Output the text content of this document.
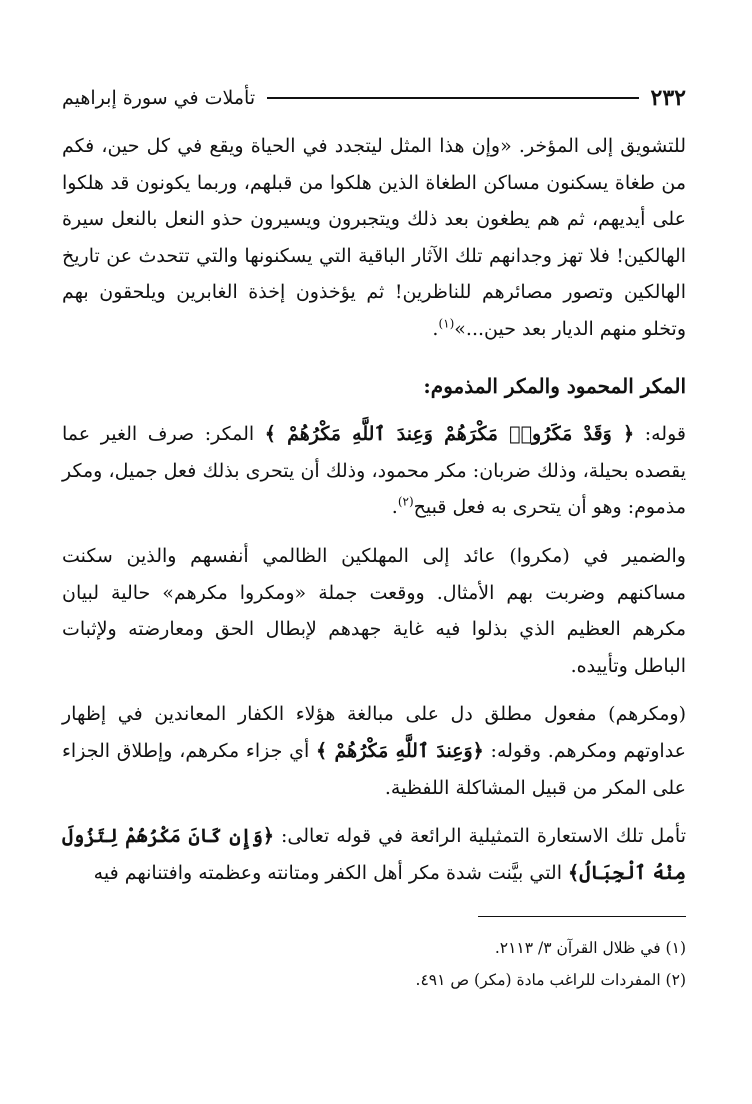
٢٣٢
تأملات في سورة إبراهيم

للتشويق إلى المؤخر. «وإن هذا المثل ليتجدد في الحياة ويقع في كل حين، فكم من طغاة يسكنون مساكن الطغاة الذين هلكوا من قبلهم، وربما يكونون قد هلكوا على أيديهم، ثم هم يطغون بعد ذلك ويتجبرون ويسيرون حذو النعل بالنعل سيرة الهالكين! فلا تهز وجدانهم تلك الآثار الباقية التي يسكنونها والتي تتحدث عن تاريخ الهالكين وتصور مصائرهم للناظرين! ثم يؤخذون إخذة الغابرين ويلحقون بهم وتخلو منهم الديار بعد حين...»$^{(١)}$.

المكر المحمود والمكر المذموم:

قوله: ﴿ وَقَدْ مَكَرُوا۟ مَكْرَهُمْ وَعِندَ ٱللَّهِ مَكْرُهُمْ ﴾ المكر: صرف الغير عما يقصده بحيلة، وذلك ضربان: مكر محمود، وذلك أن يتحرى بذلك فعل جميل، ومكر مذموم: وهو أن يتحرى به فعل قبيح$^{(٢)}$.

والضمير في (مكروا) عائد إلى المهلكين الظالمي أنفسهم والذين سكنت مساكنهم وضربت بهم الأمثال. ووقعت جملة «ومكروا مكرهم» حالية لبيان مكرهم العظيم الذي بذلوا فيه غاية جهدهم لإبطال الحق ومعارضته ولإثبات الباطل وتأييده.

(ومكرهم) مفعول مطلق دل على مبالغة هؤلاء الكفار المعاندين في إظهار عداوتهم ومكرهم. وقوله: ﴿وَعِندَ ٱللَّهِ مَكْرُهُمْ ﴾ أي جزاء مكرهم، وإطلاق الجزاء على المكر من قبيل المشاكلة اللفظية.

تأمل تلك الاستعارة التمثيلية الرائعة في قوله تعالى: ﴿وَإِن كَانَ مَكْرُهُمْ لِتَزُولَ مِنْهُ ٱلْجِبَالُ﴾ التي بيَّنت شدة مكر أهل الكفر ومتانته وعظمته وافتنانهم فيه

(١) في ظلال القرآن ٣/ ٢١١٣.

(٢) المفردات للراغب مادة (مكر) ص ٤٩١.
